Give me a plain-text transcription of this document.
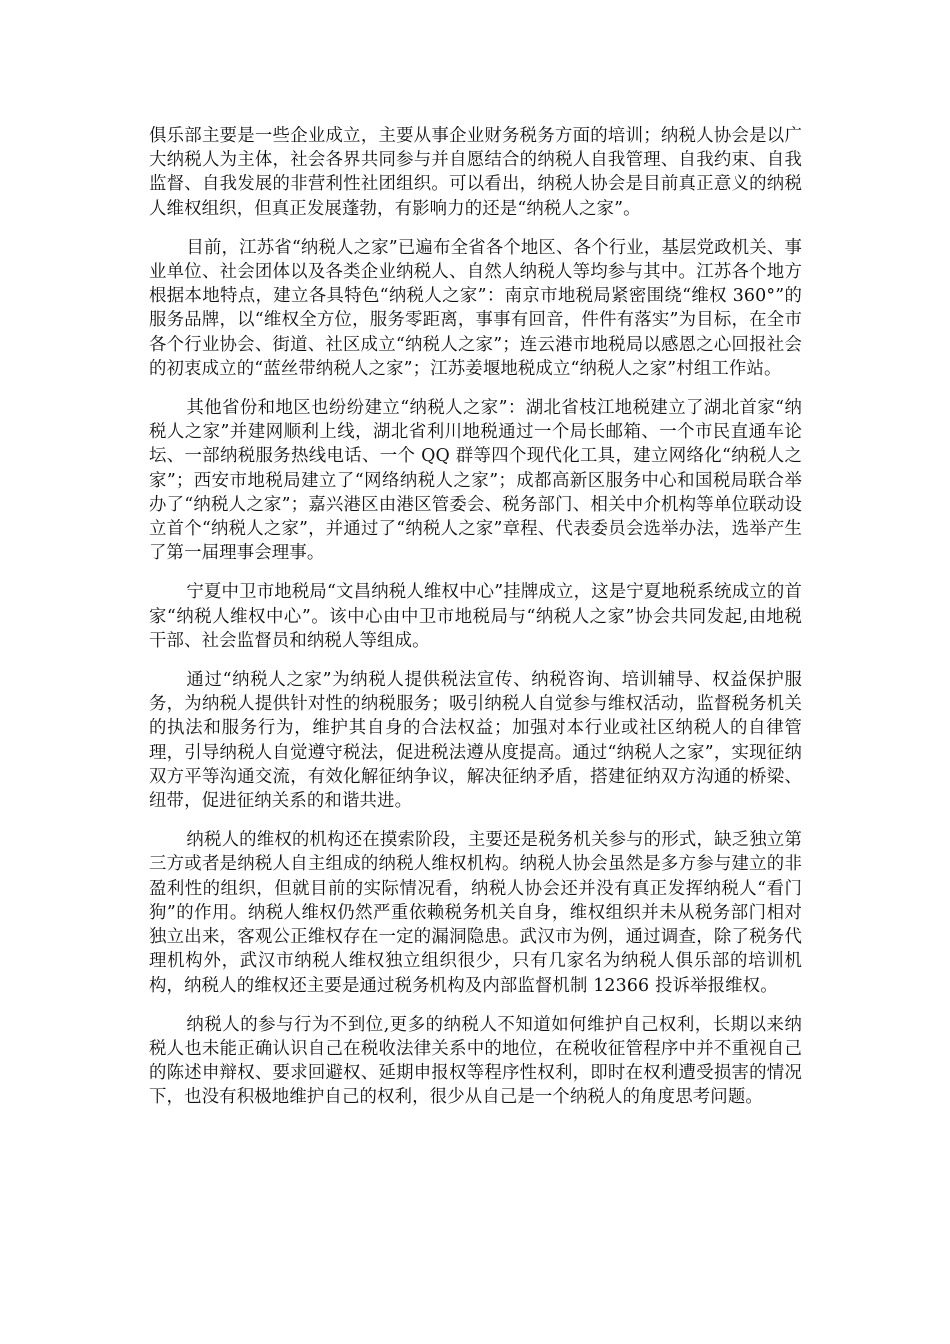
俱乐部主要是一些企业成立，主要从事企业财务税务方面的培训；纳税人协会是以广大纳税人为主体，社会各界共同参与并自愿结合的纳税人自我管理、自我约束、自我监督、自我发展的非营利性社团组织。可以看出，纳税人协会是目前真正意义的纳税人维权组织，但真正发展蓬勃，有影响力的还是“纳税人之家”。

目前，江苏省“纳税人之家”已遍布全省各个地区、各个行业，基层党政机关、事业单位、社会团体以及各类企业纳税人、自然人纳税人等均参与其中。江苏各个地方根据本地特点，建立各具特色“纳税人之家”：南京市地税局紧密围绕“维权 360°”的服务品牌，以“维权全方位，服务零距离，事事有回音，件件有落实”为目标，在全市各个行业协会、街道、社区成立“纳税人之家”；连云港市地税局以感恩之心回报社会的初衷成立的“蓝丝带纳税人之家”；江苏姜堰地税成立“纳税人之家”村组工作站。

其他省份和地区也纷纷建立“纳税人之家”：湖北省枝江地税建立了湖北首家“纳税人之家”并建网顺利上线，湖北省利川地税通过一个局长邮箱、一个市民直通车论坛、一部纳税服务热线电话、一个 QQ 群等四个现代化工具，建立网络化“纳税人之家”；西安市地税局建立了“网络纳税人之家”；成都高新区服务中心和国税局联合举办了“纳税人之家”；嘉兴港区由港区管委会、税务部门、相关中介机构等单位联动设立首个“纳税人之家”，并通过了“纳税人之家”章程、代表委员会选举办法，选举产生了第一届理事会理事。

宁夏中卫市地税局“文昌纳税人维权中心”挂牌成立，这是宁夏地税系统成立的首家“纳税人维权中心”。该中心由中卫市地税局与“纳税人之家”协会共同发起,由地税干部、社会监督员和纳税人等组成。

通过“纳税人之家”为纳税人提供税法宣传、纳税咨询、培训辅导、权益保护服务，为纳税人提供针对性的纳税服务；吸引纳税人自觉参与维权活动，监督税务机关的执法和服务行为，维护其自身的合法权益；加强对本行业或社区纳税人的自律管理，引导纳税人自觉遵守税法，促进税法遵从度提高。通过“纳税人之家”，实现征纳双方平等沟通交流，有效化解征纳争议，解决征纳矛盾，搭建征纳双方沟通的桥梁、纽带，促进征纳关系的和谐共进。

纳税人的维权的机构还在摸索阶段，主要还是税务机关参与的形式，缺乏独立第三方或者是纳税人自主组成的纳税人维权机构。纳税人协会虽然是多方参与建立的非盈利性的组织，但就目前的实际情况看，纳税人协会还并没有真正发挥纳税人“看门狗”的作用。纳税人维权仍然严重依赖税务机关自身，维权组织并未从税务部门相对独立出来，客观公正维权存在一定的漏洞隐患。武汉市为例，通过调查，除了税务代理机构外，武汉市纳税人维权独立组织很少，只有几家名为纳税人俱乐部的培训机构，纳税人的维权还主要是通过税务机构及内部监督机制 12366 投诉举报维权。

纳税人的参与行为不到位,更多的纳税人不知道如何维护自己权利，长期以来纳税人也未能正确认识自己在税收法律关系中的地位，在税收征管程序中并不重视自己的陈述申辩权、要求回避权、延期申报权等程序性权利，即时在权利遭受损害的情况下，也没有积极地维护自己的权利，很少从自己是一个纳税人的角度思考问题。
